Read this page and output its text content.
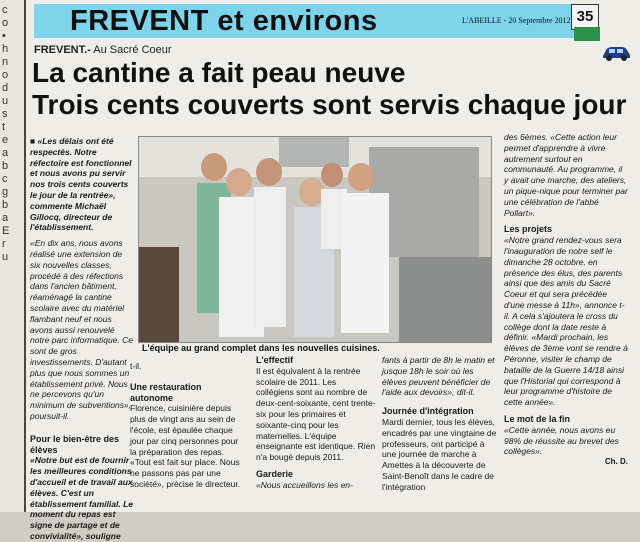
c
o
•
h
n
o
d
u
s
t
e
a
b
c
g
b
a
E
r
u
FREVENT et environs	L'ABEILLE - 20 Septembre 2012 35
FREVENT.- Au Sacré Coeur
La cantine a fait peau neuve
Trois cents couverts sont servis chaque jour
L'équipe au grand complet dans les nouvelles cuisines.

■ «Les délais ont été respectés. Notre réfectoire est fonctionnel et nous avons pu servir nos trois cents couverts le jour de la rentrée», commente Michaël Gillocq, directeur de l'établissement.

«En dix ans, nous avons réalisé une extension de six nouvelles classes, procédé à des réfections dans l'ancien bâtiment, réaménagé la cantine scolaire avec du matériel flambant neuf et nous avons aussi renouvelé notre parc informatique. Ce sont de gros investissements. D'autant plus que nous sommes un établissement privé. Nous ne percevons qu'un minimum de subventions», poursuit-il.

Pour le bien-être des élèves

«Notre but est de fournir les meilleures conditions d'accueil et de travail aux élèves. C'est un établissement familial. Le moment du repas est signe de partage et de convivialité», souligne

t-il.

Une restauration autonome

Florence, cuisinière depuis plus de vingt ans au sein de l'école, est épaulée chaque jour par cinq personnes pour la préparation des repas. «Tout est fait sur place. Nous ne passons pas par une société», précise le directeur.

L'effectif

Il est équivalent à la rentrée scolaire de 2011. Les collégiens sont au nombre de deux-cent-soixante, cent trente-six pour les primaires et soixante-cinq pour les maternelles. L'équipe enseignante est identique. Rien n'a bougé depuis 2011.

Garderie

«Nous accueillons les en-

fants à partir de 8h le matin et jusque 18h le soir où les élèves peuvent bénéficier de l'aide aux devoirs», dit-il.

Journée d'intégration

Mardi dernier, tous les élèves, encadrés par une vingtaine de professeurs, ont participé à une journée de marche à Amettes à la découverte de Saint-Benoît dans le cadre de l'intégration

des 6èmes. «Cette action leur permet d'apprendre à vivre autrement surtout en communauté. Au programme, il y avait une marche, des ateliers, un pique-nique pour terminer par une célébration de l'abbé Pollart».

Les projets

«Notre grand rendez-vous sera l'inauguration de notre self le dimanche 28 octobre, en présence des élus, des parents ainsi que des amis du Sacré Coeur et qui sera précédée d'une messe à 11h», annonce t-il. A cela s'ajoutera le cross du collège dont la date reste à définir. «Mardi prochain, les élèves de 3ème vont se rendre à Péronne, visiter le champ de bataille de la Guerre 14/18 ainsi que l'Historial qui correspond à leur programme d'histoire de cette année».

Le mot de la fin

«Cette année, nous avons eu 98% de réussite au brevet des collèges».

Ch. D.
